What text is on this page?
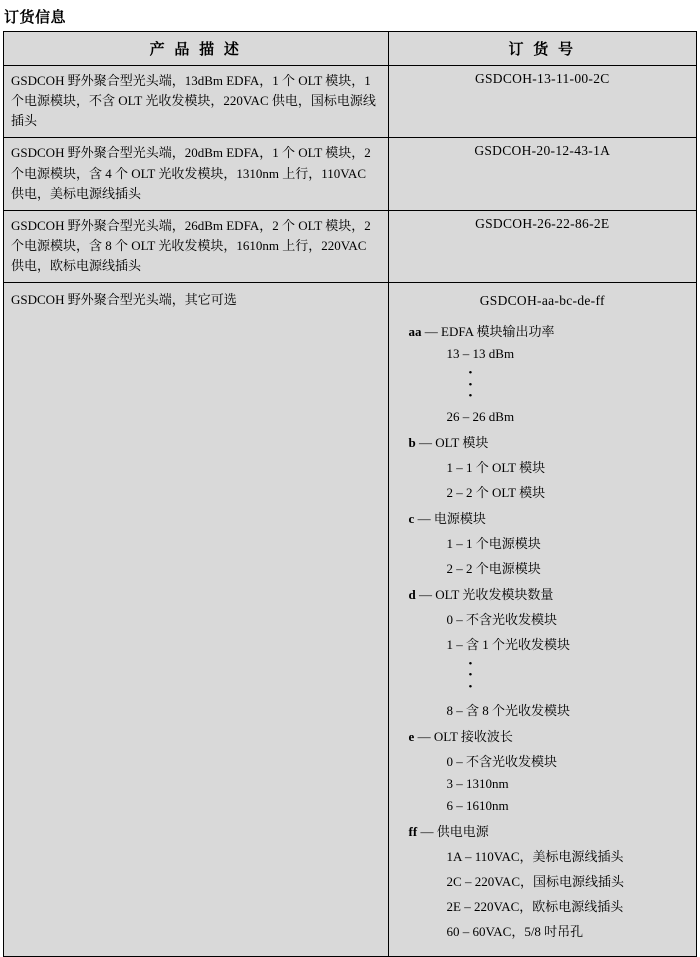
订货信息
产 品 描 述	订 货 号
GSDCOH 野外聚合型光头端，13dBm EDFA，1 个 OLT 模块，1 个电源模块，不含 OLT 光收发模块，220VAC 供电，国标电源线插头	GSDCOH-13-11-00-2C
GSDCOH 野外聚合型光头端，20dBm EDFA，1 个 OLT 模块，2 个电源模块，含 4 个 OLT 光收发模块，1310nm 上行，110VAC 供电，美标电源线插头	GSDCOH-20-12-43-1A
GSDCOH 野外聚合型光头端，26dBm EDFA，2 个 OLT 模块，2 个电源模块，含 8 个 OLT 光收发模块，1610nm 上行，220VAC 供电，欧标电源线插头	GSDCOH-26-22-86-2E
GSDCOH 野外聚合型光头端，其它可选	GSDCOH-aa-bc-de-ff
aa — EDFA 模块输出功率
13 – 13 dBm
•
•
•
26 – 26 dBm
b — OLT 模块
1 – 1 个 OLT 模块
2 – 2 个 OLT 模块
c — 电源模块
1 – 1 个电源模块
2 – 2 个电源模块
d — OLT 光收发模块数量
0 – 不含光收发模块
1 – 含 1 个光收发模块
•
•
•
8 – 含 8 个光收发模块
e — OLT 接收波长
0 – 不含光收发模块
3 – 1310nm
6 – 1610nm
ff — 供电电源
1A – 110VAC，美标电源线插头
2C – 220VAC，国标电源线插头
2E – 220VAC，欧标电源线插头
60 – 60VAC，5/8 吋吊孔
